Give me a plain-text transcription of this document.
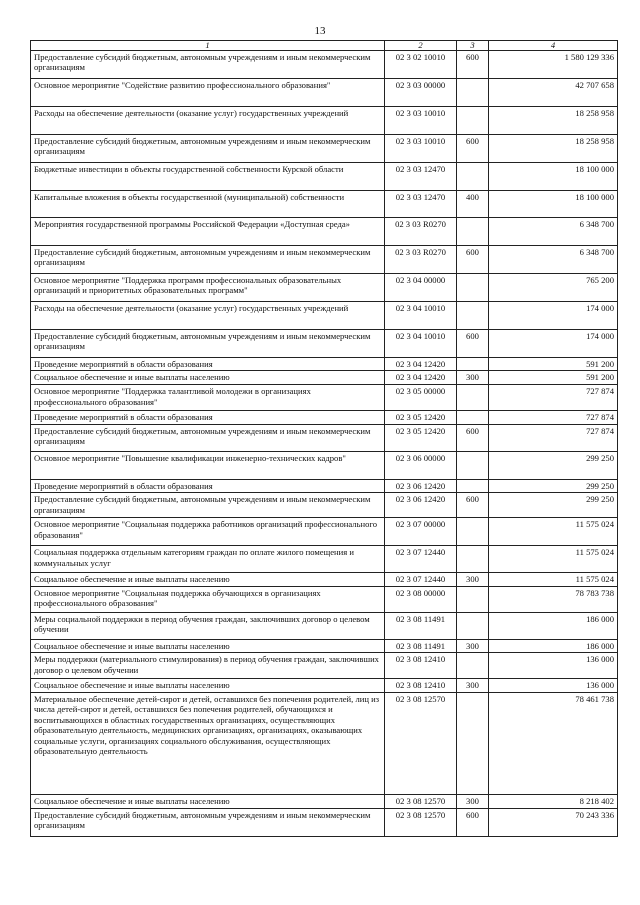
13
1	2	3	4
Предоставление субсидий бюджетным, автономным учреждениям и иным некоммерческим организациям	02 3 02 10010	600	1 580 129 336
Основное мероприятие "Содействие развитию профессионального образования"	02 3 03 00000		42 707 658
Расходы на обеспечение деятельности (оказание услуг) государственных учреждений	02 3 03 10010		18 258 958
Предоставление субсидий бюджетным, автономным учреждениям и иным некоммерческим организациям	02 3 03 10010	600	18 258 958
Бюджетные инвестиции в объекты государственной собственности Курской области	02 3 03 12470		18 100 000
Капитальные вложения в объекты государственной (муниципальной) собственности	02 3 03 12470	400	18 100 000
Мероприятия государственной программы Российской Федерации «Доступная среда»	02 3 03 R0270		6 348 700
Предоставление субсидий бюджетным, автономным учреждениям и иным некоммерческим организациям	02 3 03 R0270	600	6 348 700
Основное мероприятие "Поддержка программ профессиональных образовательных организаций и приоритетных образовательных программ"	02 3 04 00000		765 200
Расходы на обеспечение деятельности (оказание услуг) государственных учреждений	02 3 04 10010		174 000
Предоставление субсидий бюджетным, автономным учреждениям и иным некоммерческим организациям	02 3 04 10010	600	174 000
Проведение мероприятий в области образования	02 3 04 12420		591 200
Социальное обеспечение и иные выплаты населению	02 3 04 12420	300	591 200
Основное мероприятие "Поддержка талантливой молодежи в организациях профессионального образования"	02 3 05 00000		727 874
Проведение мероприятий в области образования	02 3 05 12420		727 874
Предоставление субсидий бюджетным, автономным учреждениям и иным некоммерческим организациям	02 3 05 12420	600	727 874
Основное мероприятие "Повышение квалификации инженерно-технических кадров"	02 3 06 00000		299 250
Проведение мероприятий в области образования	02 3 06 12420		299 250
Предоставление субсидий бюджетным, автономным учреждениям и иным некоммерческим организациям	02 3 06 12420	600	299 250
Основное мероприятие "Социальная поддержка работников организаций профессионального образования"	02 3 07 00000		11 575 024
Социальная поддержка отдельным категориям граждан по оплате жилого помещения и коммунальных услуг	02 3 07 12440		11 575 024
Социальное обеспечение и иные выплаты населению	02 3 07 12440	300	11 575 024
Основное мероприятие "Социальная поддержка обучающихся в организациях профессионального образования"	02 3 08 00000		78 783 738
Меры социальной поддержки в период обучения граждан, заключивших договор о целевом обучении	02 3 08 11491		186 000
Социальное обеспечение и иные выплаты населению	02 3 08 11491	300	186 000
Меры поддержки (материального стимулирования) в период обучения граждан, заключивших договор о целевом обучении	02 3 08 12410		136 000
Социальное обеспечение и иные выплаты населению	02 3 08 12410	300	136 000
Материальное обеспечение детей-сирот и детей, оставшихся без попечения родителей, лиц из числа детей-сирот и детей, оставшихся без попечения родителей, обучающихся и воспитывающихся в областных государственных организациях, осуществляющих образовательную деятельность, медицинских организациях, организациях, оказывающих социальные услуги, организациях социального обслуживания, осуществляющих образовательную деятельность	02 3 08 12570		78 461 738
Социальное обеспечение и иные выплаты населению	02 3 08 12570	300	8 218 402
Предоставление субсидий бюджетным, автономным учреждениям и иным некоммерческим организациям	02 3 08 12570	600	70 243 336
